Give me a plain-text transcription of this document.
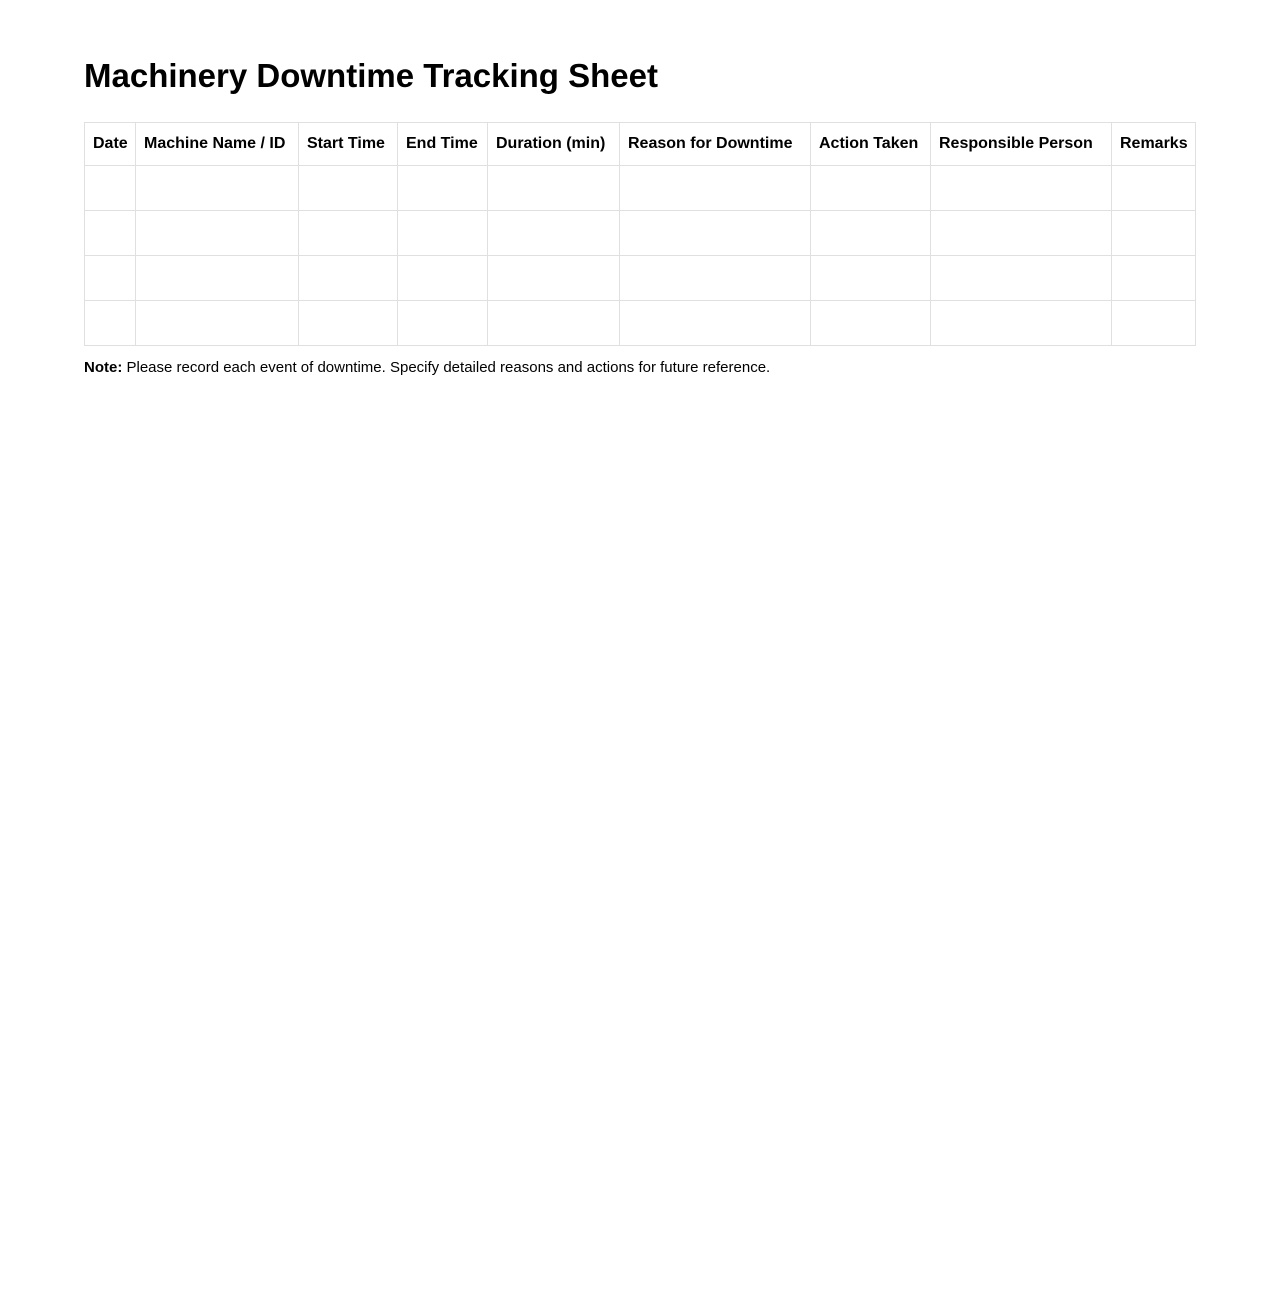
Machinery Downtime Tracking Sheet
Date	Machine Name / ID	Start Time	End Time	Duration (min)	Reason for Downtime	Action Taken	Responsible Person	Remarks

Note: Please record each event of downtime. Specify detailed reasons and actions for future reference.
